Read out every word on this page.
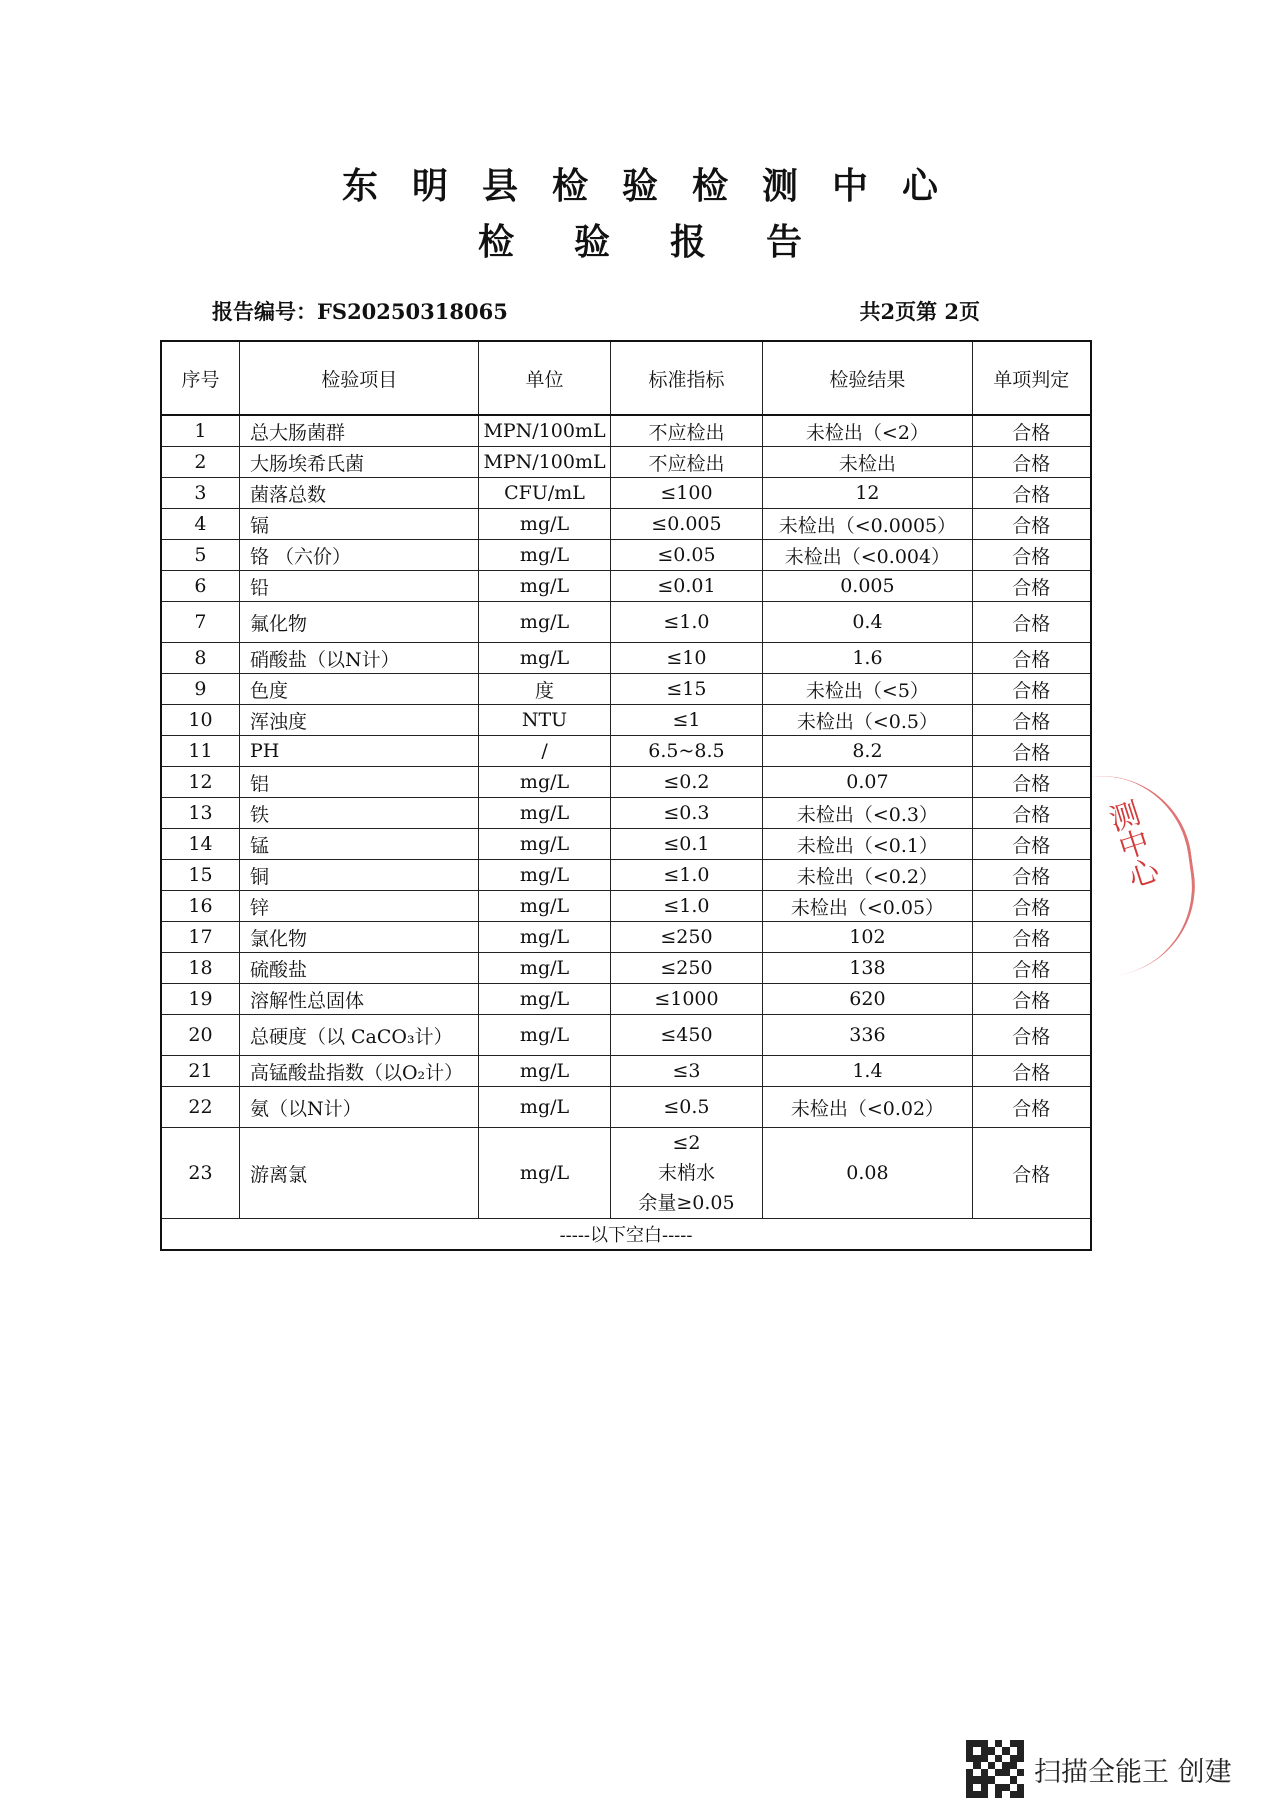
东明县检验检测中心
检验报告
报告编号：FS20250318065	共2页第 2页
序号	检验项目	单位	标准指标	检验结果	单项判定
1	总大肠菌群	MPN/100mL	不应检出	未检出（<2）	合格
2	大肠埃希氏菌	MPN/100mL	不应检出	未检出	合格
3	菌落总数	CFU/mL	≤100	12	合格
4	镉	mg/L	≤0.005	未检出（<0.0005）	合格
5	铬 （六价）	mg/L	≤0.05	未检出（<0.004）	合格
6	铅	mg/L	≤0.01	0.005	合格
7	氟化物	mg/L	≤1.0	0.4	合格
8	硝酸盐（以N计）	mg/L	≤10	1.6	合格
9	色度	度	≤15	未检出（<5）	合格
10	浑浊度	NTU	≤1	未检出（<0.5）	合格
11	PH	/	6.5~8.5	8.2	合格
12	铝	mg/L	≤0.2	0.07	合格
13	铁	mg/L	≤0.3	未检出（<0.3）	合格
14	锰	mg/L	≤0.1	未检出（<0.1）	合格
15	铜	mg/L	≤1.0	未检出（<0.2）	合格
16	锌	mg/L	≤1.0	未检出（<0.05）	合格
17	氯化物	mg/L	≤250	102	合格
18	硫酸盐	mg/L	≤250	138	合格
19	溶解性总固体	mg/L	≤1000	620	合格
20	总硬度（以 CaCO₃计）	mg/L	≤450	336	合格
21	高锰酸盐指数（以O₂计）	mg/L	≤3	1.4	合格
22	氨（以N计）	mg/L	≤0.5	未检出（<0.02）	合格
23	游离氯	mg/L	≤2
末梢水
余量≥0.05	0.08	合格
-----以下空白-----					
测中心
扫描全能王 创建
